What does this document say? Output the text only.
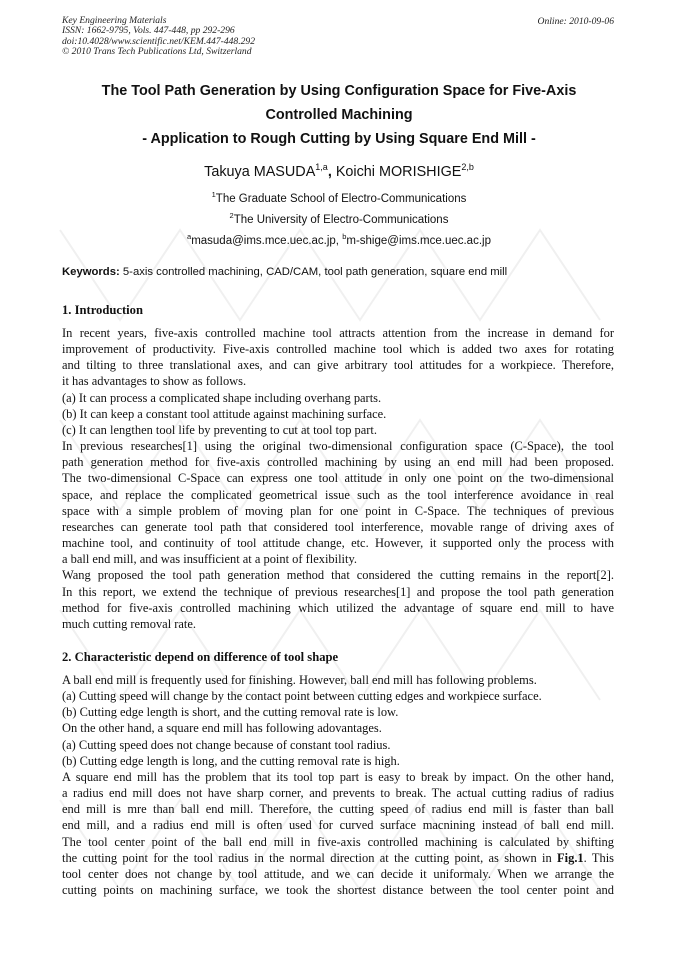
Key Engineering Materials
ISSN: 1662-9795, Vols. 447-448, pp 292-296
doi:10.4028/www.scientific.net/KEM.447-448.292
© 2010 Trans Tech Publications Ltd, Switzerland
Online: 2010-09-06
The Tool Path Generation by Using Configuration Space for Five-Axis
Controlled Machining
- Application to Rough Cutting by Using Square End Mill -
Takuya MASUDA$^{1,a}$, Koichi MORISHIGE$^{2,b}$
$^1$The Graduate School of Electro-Communications
$^2$The University of Electro-Communications
$^a$masuda@ims.mce.uec.ac.jp, $^b$m-shige@ims.mce.uec.ac.jp
Keywords: 5-axis controlled machining, CAD/CAM, tool path generation, square end mill
1. Introduction
In recent years, five-axis controlled machine tool attracts attention from the increase in demand for
improvement of productivity. Five-axis controlled machine tool which is added two axes for rotating
and tilting to three translational axes, and can give arbitrary tool attitudes for a workpiece. Therefore,
it has advantages to show as follows.
(a) It can process a complicated shape including overhang parts.
(b) It can keep a constant tool attitude against machining surface.
(c) It can lengthen tool life by preventing to cut at tool top part.
In previous researches[1] using the original two-dimensional configuration space (C-Space), the tool
path generation method for five-axis controlled machining by using an end mill had been proposed.
The two-dimensional C-Space can express one tool attitude in only one point on the two-dimensional
space, and replace the complicated geometrical issue such as the tool interference avoidance in real
space with a simple problem of moving plan for one point in C-Space. The techniques of previous
researches can generate tool path that considered tool interference, movable range of driving axes of
machine tool, and continuity of tool attitude change, etc. However, it supported only the process with
a ball end mill, and was insufficient at a point of flexibility.
Wang proposed the tool path generation method that considered the cutting remains in the report[2].
In this report, we extend the technique of previous researches[1] and propose the tool path generation
method for five-axis controlled machining which utilized the advantage of square end mill to have
much cutting removal rate.
2. Characteristic depend on difference of tool shape
A ball end mill is frequently used for finishing. However, ball end mill has following problems.
(a) Cutting speed will change by the contact point between cutting edges and workpiece surface.
(b) Cutting edge length is short, and the cutting removal rate is low.
On the other hand, a square end mill has following adovantages.
(a) Cutting speed does not change because of constant tool radius.
(b) Cutting edge length is long, and the cutting removal rate is high.
A square end mill has the problem that its tool top part is easy to break by impact. On the other hand,
a radius end mill does not have sharp corner, and prevents to break. The actual cutting radius of radius
end mill is mre than ball end mill. Therefore, the cutting speed of radius end mill is faster than ball
end mill, and a radius end mill is often used for curved surface macnining instead of ball end mill.
The tool center point of the ball end mill in five-axis controlled machining is calculated by shifting
the cutting point for the tool radius in the normal direction at the cutting point, as shown in Fig.1. This
tool center does not change by tool attitude, and we can decide it uniformaly. When we arrange the
cutting points on machining surface, we took the shortest distance between the tool center point and
